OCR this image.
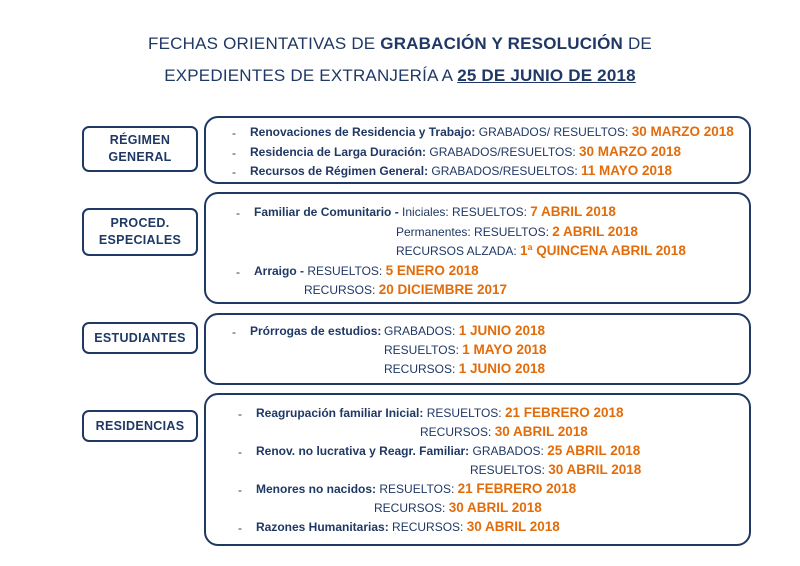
FECHAS ORIENTATIVAS DE GRABACIÓN Y RESOLUCIÓN DE
EXPEDIENTES DE EXTRANJERÍA A 25 DE JUNIO DE 2018
RÉGIMEN
GENERAL
- Renovaciones de Residencia y Trabajo: GRABADOS/ RESUELTOS: 30 MARZO 2018
- Residencia de Larga Duración: GRABADOS/RESUELTOS: 30 MARZO 2018
- Recursos de Régimen General: GRABADOS/RESUELTOS: 11 MAYO 2018
PROCED.
ESPECIALES
- Familiar de Comunitario - Iniciales: RESUELTOS: 7 ABRIL 2018
Permanentes: RESUELTOS: 2 ABRIL 2018
RECURSOS ALZADA: 1ª QUINCENA ABRIL 2018
- Arraigo - RESUELTOS: 5 ENERO 2018
RECURSOS: 20 DICIEMBRE 2017
ESTUDIANTES	- Prórrogas de estudios: GRABADOS: 1 JUNIO 2018
RESUELTOS: 1 MAYO 2018
RECURSOS: 1 JUNIO 2018
RESIDENCIAS
- Reagrupación familiar Inicial: RESUELTOS: 21 FEBRERO 2018
RECURSOS: 30 ABRIL 2018
- Renov. no lucrativa y Reagr. Familiar: GRABADOS: 25 ABRIL 2018
RESUELTOS: 30 ABRIL 2018
- Menores no nacidos: RESUELTOS: 21 FEBRERO 2018
RECURSOS: 30 ABRIL 2018
- Razones Humanitarias: RECURSOS: 30 ABRIL 2018
